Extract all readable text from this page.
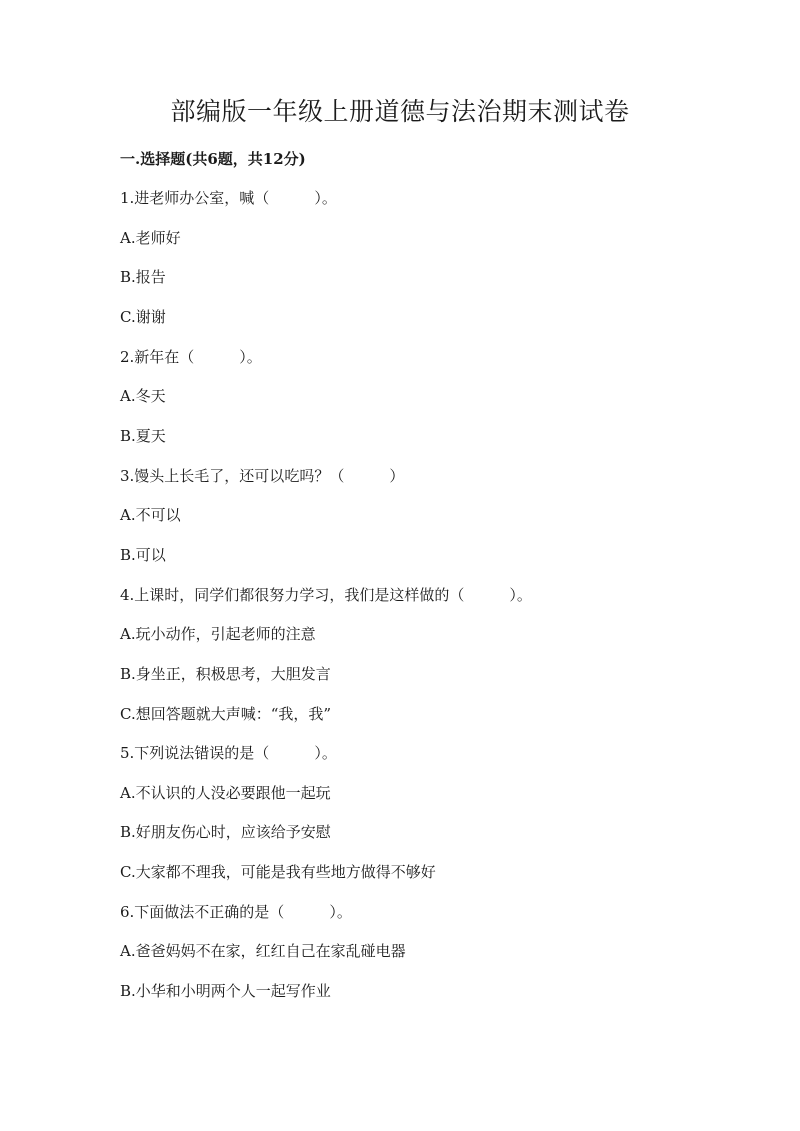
部编版一年级上册道德与法治期末测试卷
一.选择题(共6题，共12分)
1.进老师办公室，喊（　　　）。
A.老师好
B.报告
C.谢谢
2.新年在（　　　）。
A.冬天
B.夏天
3.馒头上长毛了，还可以吃吗？（　　　）
A.不可以
B.可以
4.上课时，同学们都很努力学习，我们是这样做的（　　　）。
A.玩小动作，引起老师的注意
B.身坐正，积极思考，大胆发言
C.想回答题就大声喊：“我，我”
5.下列说法错误的是（　　　）。
A.不认识的人没必要跟他一起玩
B.好朋友伤心时，应该给予安慰
C.大家都不理我，可能是我有些地方做得不够好
6.下面做法不正确的是（　　　）。
A.爸爸妈妈不在家，红红自己在家乱碰电器
B.小华和小明两个人一起写作业
